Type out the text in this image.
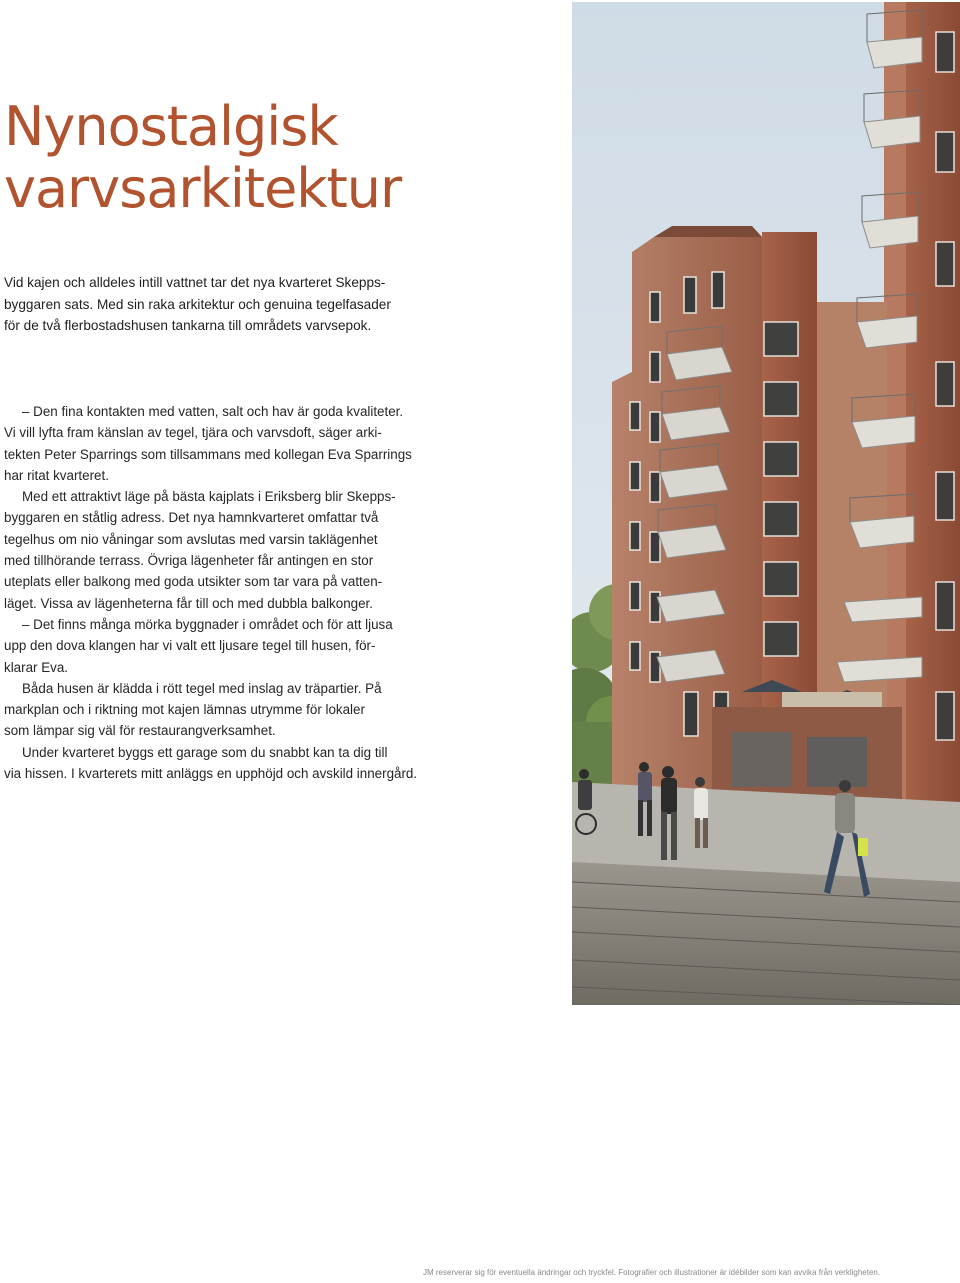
Nynostalgisk
varvsarkitektur

Vid kajen och alldeles intill vattnet tar det nya kvarteret Skepps-
byggaren sats. Med sin raka arkitektur och genuina tegelfasader
för de två flerbostadshusen tankarna till områdets varvsepok.

– Den fina kontakten med vatten, salt och hav är goda kvaliteter.
Vi vill lyfta fram känslan av tegel, tjära och varvsdoft, säger arki-
tekten Peter Sparrings som tillsammans med kollegan Eva Sparrings
har ritat kvarteret.
Med ett attraktivt läge på bästa kajplats i Eriksberg blir Skepps-
byggaren en ståtlig adress. Det nya hamnkvarteret omfattar två
tegelhus om nio våningar som avslutas med varsin taklägenhet
med tillhörande terrass. Övriga lägenheter får antingen en stor
uteplats eller balkong med goda utsikter som tar vara på vatten-
läget. Vissa av lägenheterna får till och med dubbla balkonger.
– Det finns många mörka byggnader i området och för att ljusa
upp den dova klangen har vi valt ett ljusare tegel till husen, för-
klarar Eva.
Båda husen är klädda i rött tegel med inslag av träpartier. På
markplan och i riktning mot kajen lämnas utrymme för lokaler
som lämpar sig väl för restaurangverksamhet.
Under kvarteret byggs ett garage som du snabbt kan ta dig till
via hissen. I kvarterets mitt anläggs en upphöjd och avskild innergård.
JM reserverar sig för eventuella ändringar och tryckfel. Fotografier och illustrationer är idébilder som kan avvika från verkligheten.
